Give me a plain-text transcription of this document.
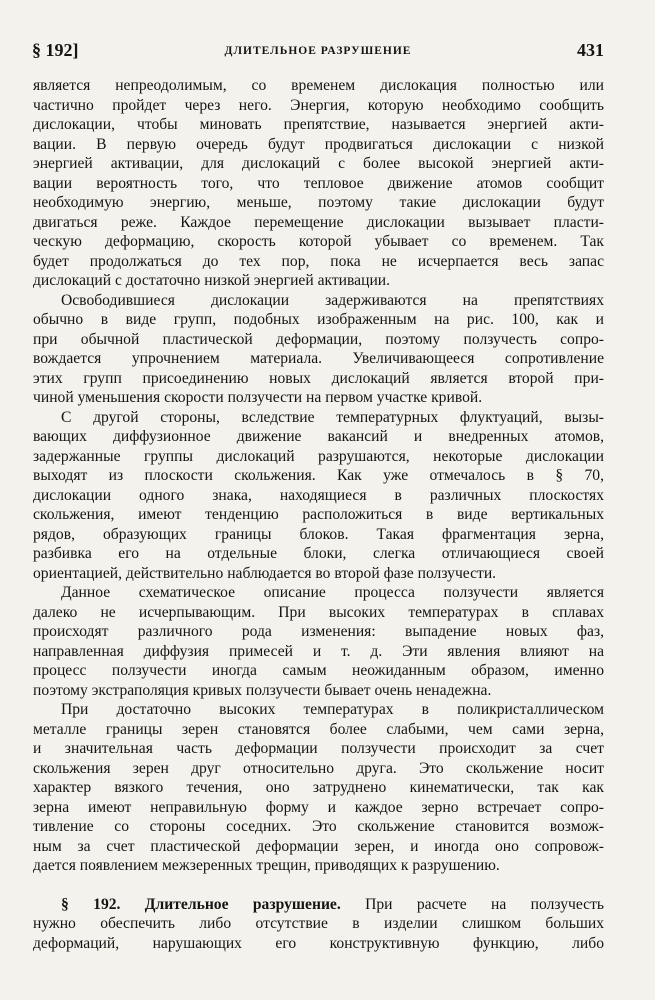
§ 192]	ДЛИТЕЛЬНОЕ РАЗРУШЕНИЕ	431
является непреодолимым, со временем дислокация полностью или
частично пройдет через него. Энергия, которую необходимо сообщить
дислокации, чтобы миновать препятствие, называется энергией акти-
вации. В первую очередь будут продвигаться дислокации с низкой
энергией активации, для дислокаций с более высокой энергией акти-
вации вероятность того, что тепловое движение атомов сообщит
необходимую энергию, меньше, поэтому такие дислокации будут
двигаться реже. Каждое перемещение дислокации вызывает пласти-
ческую деформацию, скорость которой убывает со временем. Так
будет продолжаться до тех пор, пока не исчерпается весь запас
дислокаций с достаточно низкой энергией активации.
Освободившиеся дислокации задерживаются на препятствиях
обычно в виде групп, подобных изображенным на рис. 100, как и
при обычной пластической деформации, поэтому ползучесть сопро-
вождается упрочнением материала. Увеличивающееся сопротивление
этих групп присоединению новых дислокаций является второй при-
чиной уменьшения скорости ползучести на первом участке кривой.
С другой стороны, вследствие температурных флуктуаций, вызы-
вающих диффузионное движение вакансий и внедренных атомов,
задержанные группы дислокаций разрушаются, некоторые дислокации
выходят из плоскости скольжения. Как уже отмечалось в § 70,
дислокации одного знака, находящиеся в различных плоскостях
скольжения, имеют тенденцию расположиться в виде вертикальных
рядов, образующих границы блоков. Такая фрагментация зерна,
разбивка его на отдельные блоки, слегка отличающиеся своей
ориентацией, действительно наблюдается во второй фазе ползучести.
Данное схематическое описание процесса ползучести является
далеко не исчерпывающим. При высоких температурах в сплавах
происходят различного рода изменения: выпадение новых фаз,
направленная диффузия примесей и т. д. Эти явления влияют на
процесс ползучести иногда самым неожиданным образом, именно
поэтому экстраполяция кривых ползучести бывает очень ненадежна.
При достаточно высоких температурах в поликристаллическом
металле границы зерен становятся более слабыми, чем сами зерна,
и значительная часть деформации ползучести происходит за счет
скольжения зерен друг относительно друга. Это скольжение носит
характер вязкого течения, оно затруднено кинематически, так как
зерна имеют неправильную форму и каждое зерно встречает сопро-
тивление со стороны соседних. Это скольжение становится возмож-
ным за счет пластической деформации зерен, и иногда оно сопровож-
дается появлением межзеренных трещин, приводящих к разрушению.
§ 192. Длительное разрушение. При расчете на ползучесть
нужно обеспечить либо отсутствие в изделии слишком больших
деформаций, нарушающих его конструктивную функцию, либо
